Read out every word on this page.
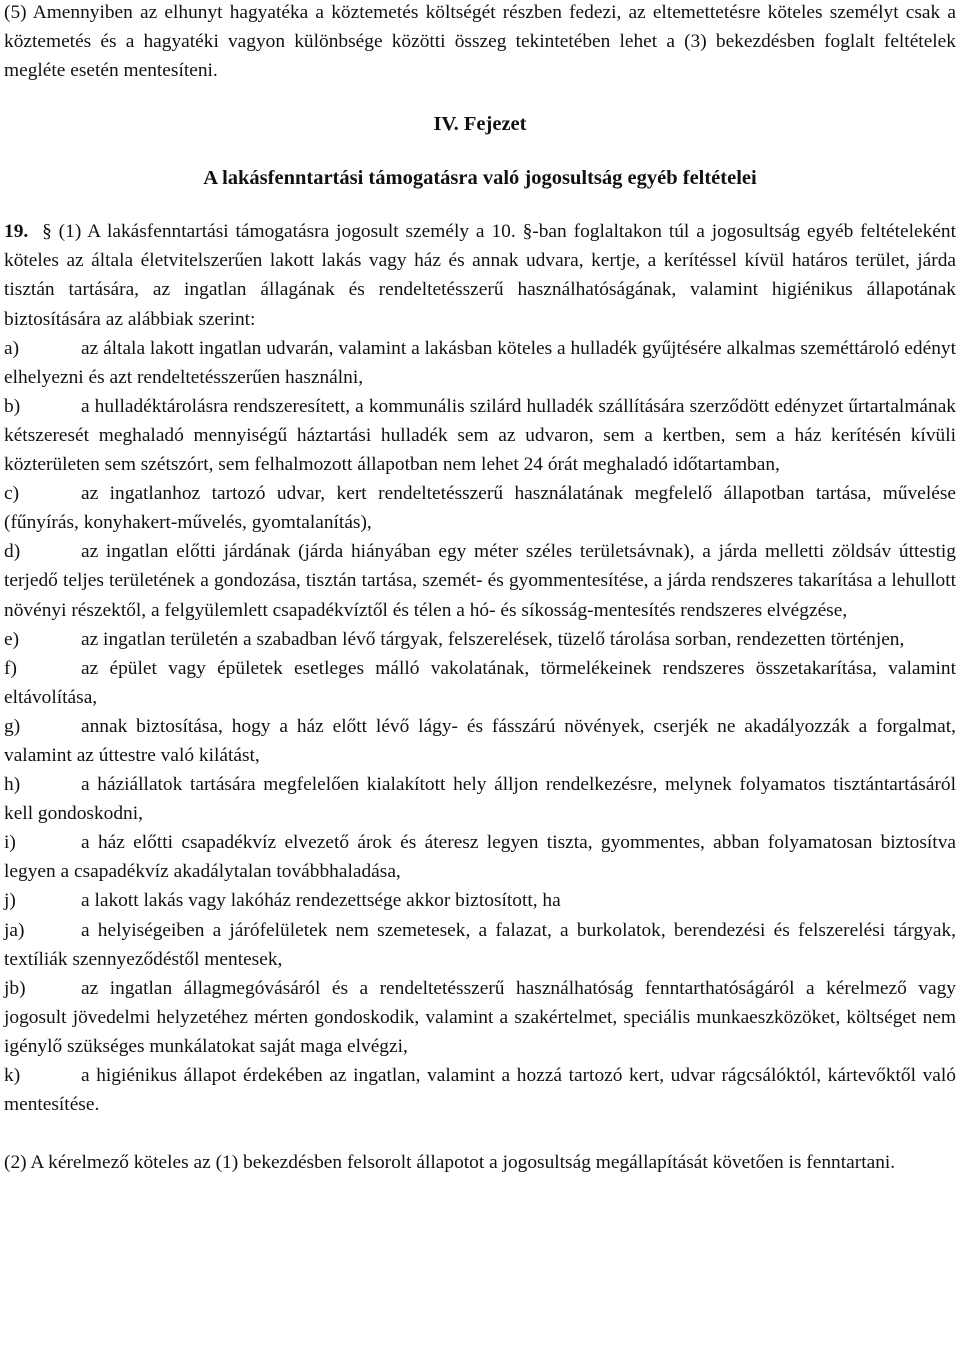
(5) Amennyiben az elhunyt hagyatéka a köztemetés költségét részben fedezi, az eltemettetésre köteles személyt csak a köztemetés és a hagyatéki vagyon különbsége közötti összeg tekintetében lehet a (3) bekezdésben foglalt feltételek megléte esetén mentesíteni.

IV. Fejezet

A lakásfenntartási támogatásra való jogosultság egyéb feltételei

19. § (1) A lakásfenntartási támogatásra jogosult személy a 10. §-ban foglaltakon túl a jogosultság egyéb feltételeként köteles az általa életvitelszerűen lakott lakás vagy ház és annak udvara, kertje, a kerítéssel kívül határos terület, járda tisztán tartására, az ingatlan állagának és rendeltetésszerű használhatóságának, valamint higiénikus állapotának biztosítására az alábbiak szerint:

a)	az általa lakott ingatlan udvarán, valamint a lakásban köteles a hulladék gyűjtésére alkalmas szeméttároló edényt elhelyezni és azt rendeltetésszerűen használni,

b)	a hulladéktárolásra rendszeresített, a kommunális szilárd hulladék szállítására szerződött edényzet űrtartalmának kétszeresét meghaladó mennyiségű háztartási hulladék sem az udvaron, sem a kertben, sem a ház kerítésén kívüli közterületen sem szétszórt, sem felhalmozott állapotban nem lehet 24 órát meghaladó időtartamban,

c)	az ingatlanhoz tartozó udvar, kert rendeltetésszerű használatának megfelelő állapotban tartása, művelése (fűnyírás, konyhakert-művelés, gyomtalanítás),

d)	az ingatlan előtti járdának (járda hiányában egy méter széles területsávnak), a járda melletti zöldsáv úttestig terjedő teljes területének a gondozása, tisztán tartása, szemét- és gyommentesítése, a járda rendszeres takarítása a lehullott növényi részektől, a felgyülemlett csapadékvíztől és télen a hó- és síkosság-mentesítés rendszeres elvégzése,

e)	az ingatlan területén a szabadban lévő tárgyak, felszerelések, tüzelő tárolása sorban, rendezetten történjen,

f)	az épület vagy épületek esetleges málló vakolatának, törmelékeinek rendszeres összetakarítása, valamint eltávolítása,

g)	annak biztosítása, hogy a ház előtt lévő lágy- és fásszárú növények, cserjék ne akadályozzák a forgalmat, valamint az úttestre való kilátást,

h)	a háziállatok tartására megfelelően kialakított hely álljon rendelkezésre, melynek folyamatos tisztántartásáról kell gondoskodni,

i)	a ház előtti csapadékvíz elvezető árok és áteresz legyen tiszta, gyommentes, abban folyamatosan biztosítva legyen a csapadékvíz akadálytalan továbbhaladása,

j)	a lakott lakás vagy lakóház rendezettsége akkor biztosított, ha

ja)	a helyiségeiben a járófelületek nem szemetesek, a falazat, a burkolatok, berendezési és felszerelési tárgyak, textíliák szennyeződéstől mentesek,

jb)	az ingatlan állagmegóvásáról és a rendeltetésszerű használhatóság fenntarthatóságáról a kérelmező vagy jogosult jövedelmi helyzetéhez mérten gondoskodik, valamint a szakértelmet, speciális munkaeszközöket, költséget nem igénylő szükséges munkálatokat saját maga elvégzi,

k)	a higiénikus állapot érdekében az ingatlan, valamint a hozzá tartozó kert, udvar rágcsálóktól, kártevőktől való mentesítése.

(2) A kérelmező köteles az (1) bekezdésben felsorolt állapotot a jogosultság megállapítását követően is fenntartani.
